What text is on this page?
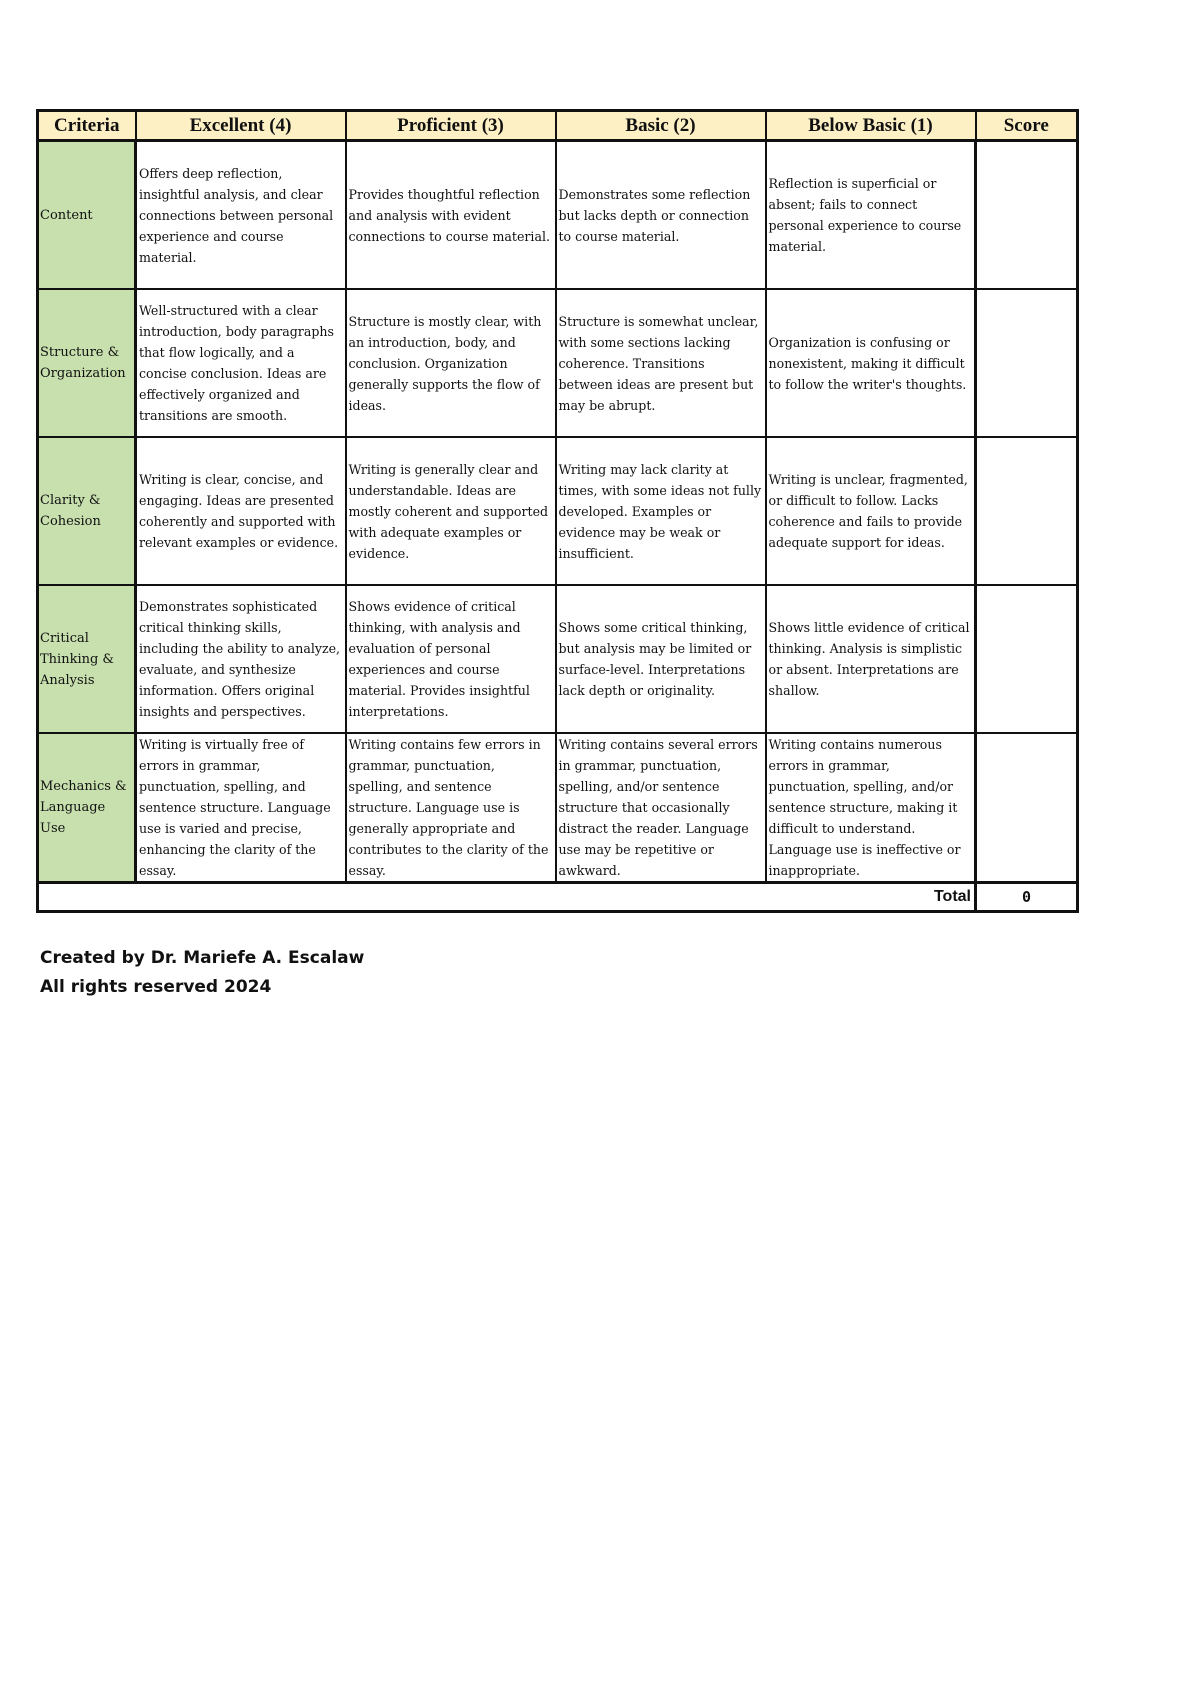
Criteria	Excellent (4)	Proficient (3)	Basic (2)	Below Basic (1)	Score
Content	Offers deep reflection, insightful analysis, and clear connections between personal experience and course material.	Provides thoughtful reflection and analysis with evident connections to course material.	Demonstrates some reflection but lacks depth or connection to course material.	Reflection is superficial or absent; fails to connect personal experience to course material.	
Structure & Organization	Well-structured with a clear introduction, body paragraphs that flow logically, and a concise conclusion. Ideas are effectively organized and transitions are smooth.	Structure is mostly clear, with an introduction, body, and conclusion. Organization generally supports the flow of ideas.	Structure is somewhat unclear, with some sections lacking coherence. Transitions between ideas are present but may be abrupt.	Organization is confusing or nonexistent, making it difficult to follow the writer's thoughts.	
Clarity & Cohesion	Writing is clear, concise, and engaging. Ideas are presented coherently and supported with relevant examples or evidence.	Writing is generally clear and understandable. Ideas are mostly coherent and supported with adequate examples or evidence.	Writing may lack clarity at times, with some ideas not fully developed. Examples or evidence may be weak or insufficient.	Writing is unclear, fragmented, or difficult to follow. Lacks coherence and fails to provide adequate support for ideas.	
Critical Thinking & Analysis	Demonstrates sophisticated critical thinking skills, including the ability to analyze, evaluate, and synthesize information. Offers original insights and perspectives.	Shows evidence of critical thinking, with analysis and evaluation of personal experiences and course material. Provides insightful interpretations.	Shows some critical thinking, but analysis may be limited or surface-level. Interpretations lack depth or originality.	Shows little evidence of critical thinking. Analysis is simplistic or absent. Interpretations are shallow.	
Mechanics & Language Use	Writing is virtually free of errors in grammar, punctuation, spelling, and sentence structure. Language use is varied and precise, enhancing the clarity of the essay.	Writing contains few errors in grammar, punctuation, spelling, and sentence structure. Language use is generally appropriate and contributes to the clarity of the essay.	Writing contains several errors in grammar, punctuation, spelling, and/or sentence structure that occasionally distract the reader. Language use may be repetitive or awkward.	Writing contains numerous errors in grammar, punctuation, spelling, and/or sentence structure, making it difficult to understand. Language use is ineffective or inappropriate.	
Total					0
Created by Dr. Mariefe A. Escalaw
All rights reserved 2024
